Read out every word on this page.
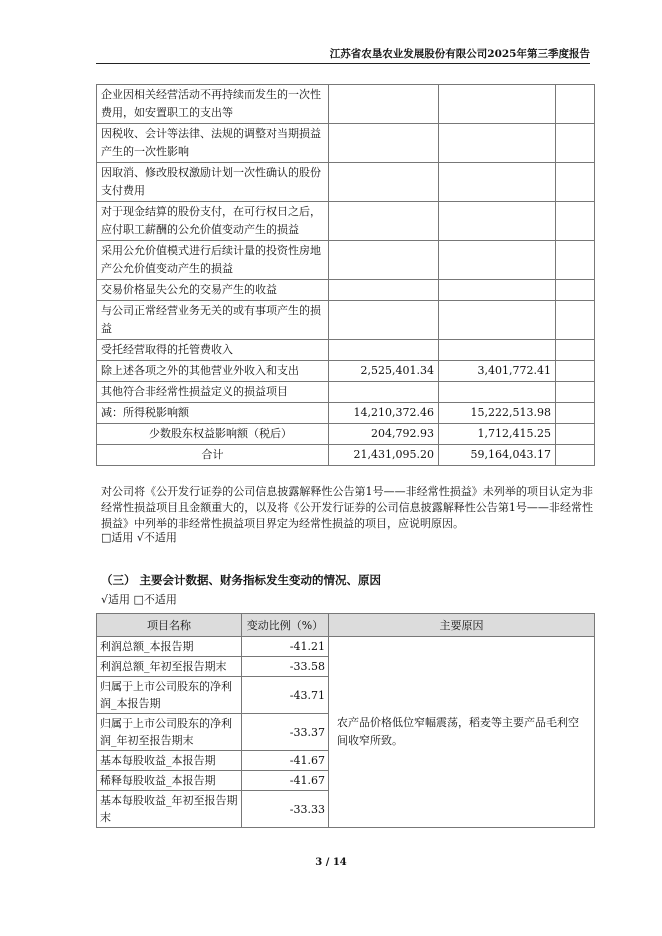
江苏省农垦农业发展股份有限公司2025年第三季度报告
企业因相关经营活动不再持续而发生的一次性费用，如安置职工的支出等			
因税收、会计等法律、法规的调整对当期损益产生的一次性影响			
因取消、修改股权激励计划一次性确认的股份支付费用			
对于现金结算的股份支付，在可行权日之后，应付职工薪酬的公允价值变动产生的损益			
采用公允价值模式进行后续计量的投资性房地产公允价值变动产生的损益			
交易价格显失公允的交易产生的收益			
与公司正常经营业务无关的或有事项产生的损益			
受托经营取得的托管费收入			
除上述各项之外的其他营业外收入和支出	2,525,401.34	3,401,772.41	
其他符合非经常性损益定义的损益项目			
减：所得税影响额	14,210,372.46	15,222,513.98	
少数股东权益影响额（税后）	204,792.93	1,712,415.25	
合计	21,431,095.20	59,164,043.17	

对公司将《公开发行证券的公司信息披露解释性公告第1号——非经常性损益》未列举的项目认定为非经常性损益项目且金额重大的，以及将《公开发行证券的公司信息披露解释性公告第1号——非经常性损益》中列举的非经常性损益项目界定为经常性损益的项目，应说明原因。

□适用 √不适用
（三） 主要会计数据、财务指标发生变动的情况、原因
√适用 □不适用
项目名称	变动比例（%）	主要原因
利润总额_本报告期	-41.21	农产品价格低位窄幅震荡，稻麦等主要产品毛利空间收窄所致。
利润总额_年初至报告期末	-33.58	
归属于上市公司股东的净利润_本报告期	-43.71	
归属于上市公司股东的净利润_年初至报告期末	-33.37	
基本每股收益_本报告期	-41.67	
稀释每股收益_本报告期	-41.67	
基本每股收益_年初至报告期末	-33.33	
3 / 14
